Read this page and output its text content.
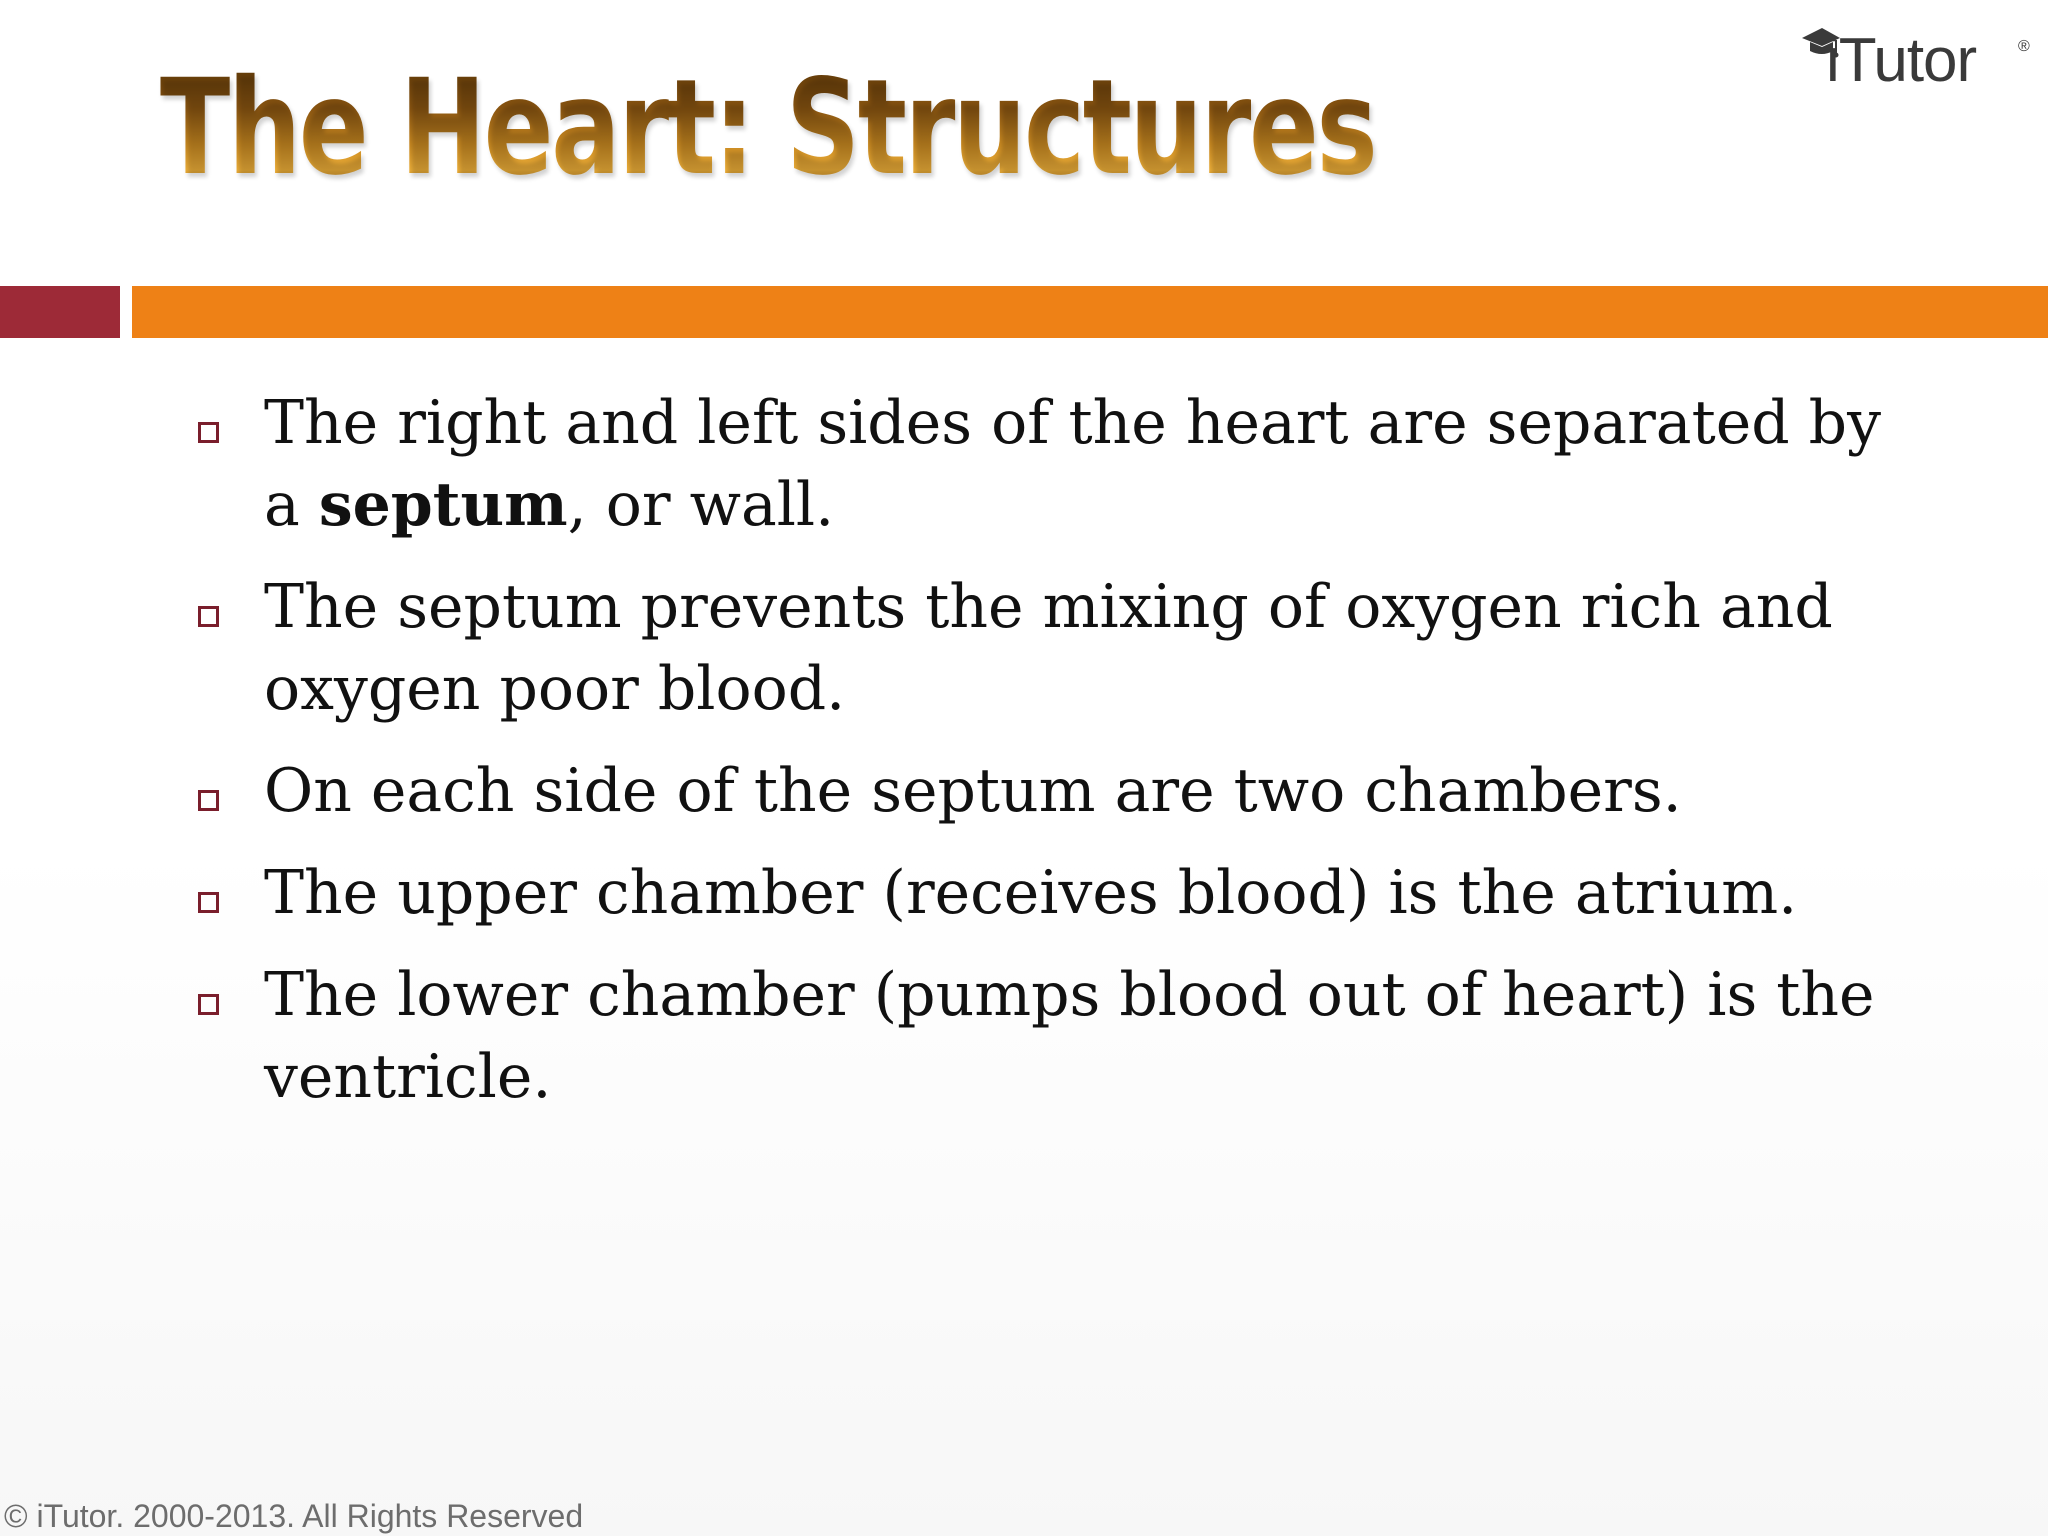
The Heart: Structures	iTutor	®
The right and left sides of the heart are separated by a septum, or wall.
The septum prevents the mixing of oxygen rich and oxygen poor blood.
On each side of the septum are two chambers.
The upper chamber (receives blood) is the atrium.
The lower chamber (pumps blood out of heart) is the ventricle.
© iTutor. 2000-2013. All Rights Reserved
